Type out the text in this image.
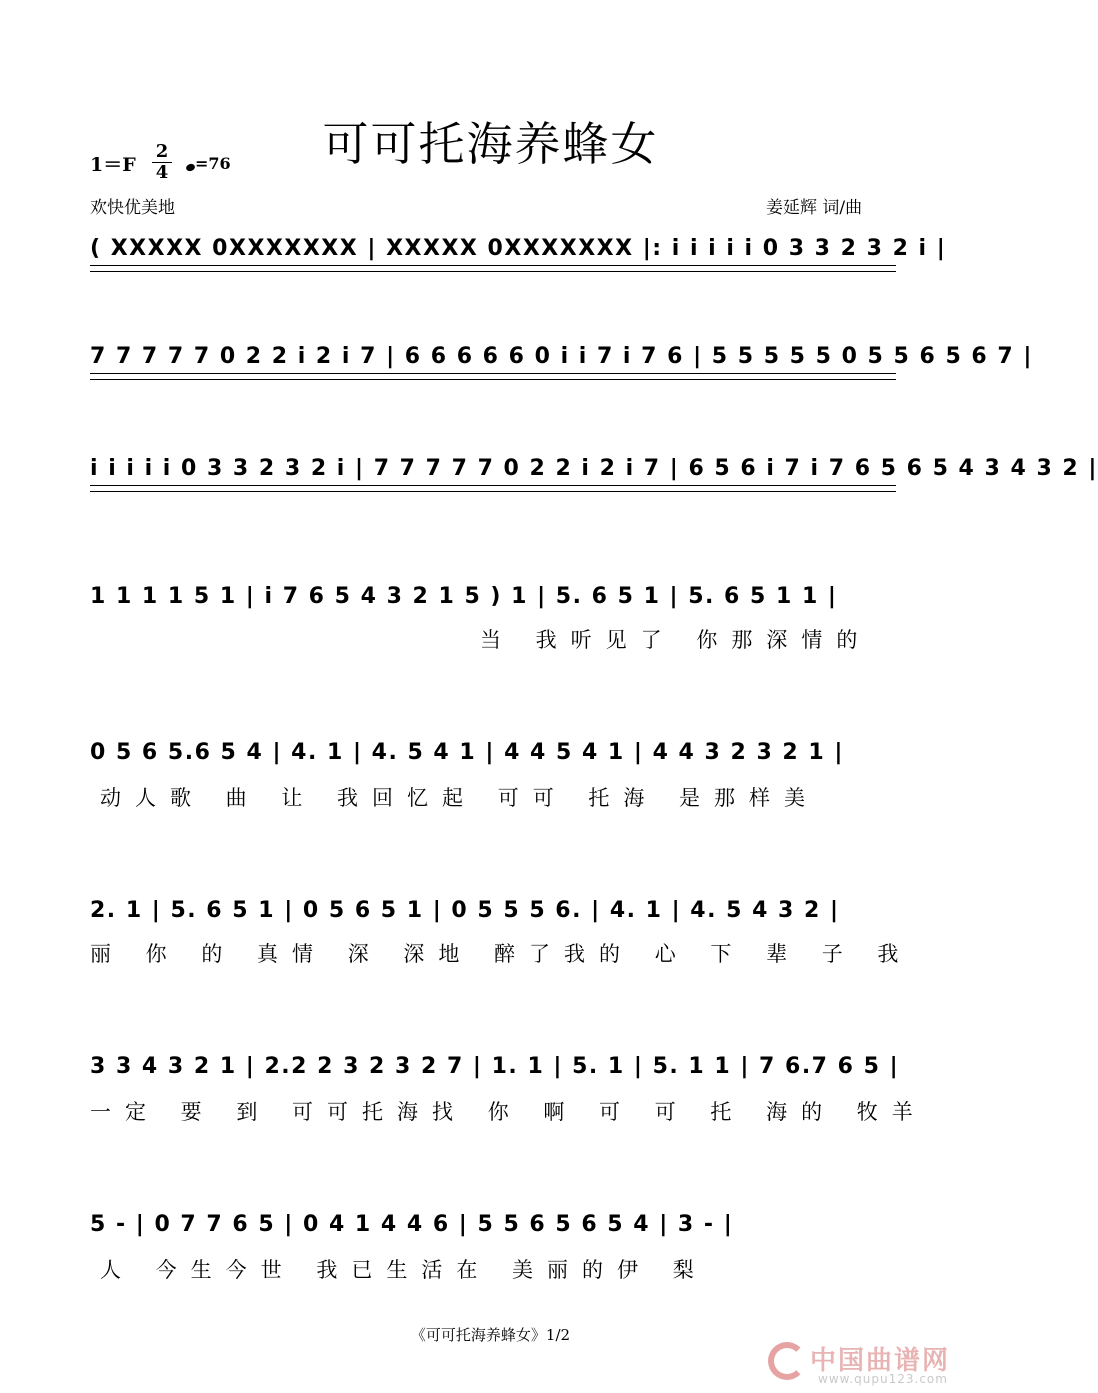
可可托海养蜂女
1＝F
2
4	=76
欢快优美地	姜延辉 词/曲
( XXXXX 0XXXXXXX | XXXXX 0XXXXXXX |: i i i i i 0 3 3 2 3 2 i |
7 7 7 7 7 0 2 2 i 2 i 7 | 6 6 6 6 6 0 i i 7 i 7 6 | 5 5 5 5 5 0 5 5 6 5 6 7 |
i i i i i 0 3 3 2 3 2 i | 7 7 7 7 7 0 2 2 i 2 i 7 | 6 5 6 i 7 i 7 6 5 6 5 4 3 4 3 2 |
1 1 1 1 5 1 | i 7 6 5 4 3 2 1 5 ) 1 | 5. 6 5 1 | 5. 6 5 1 1 |
当 我听见了 你那深情的
0 5 6 5.6 5 4 | 4. 1 | 4. 5 4 1 | 4 4 5 4 1 | 4 4 3 2 3 2 1 |
动人歌 曲 让 我回忆起 可可 托海 是那样美
2. 1 | 5. 6 5 1 | 0 5 6 5 1 | 0 5 5 5 6. | 4. 1 | 4. 5 4 3 2 |
丽 你 的 真情 深 深地 醉了我的 心 下 辈 子 我
3 3 4 3 2 1 | 2.2 2 3 2 3 2 7 | 1. 1 | 5. 1 | 5. 1 1 | 7 6.7 6 5 |
一定 要 到 可可托海找 你 啊 可 可 托 海的 牧羊
5 - | 0 7 7 6 5 | 0 4 1 4 4 6 | 5 5 6 5 6 5 4 | 3 - |
人 今生今世 我已生活在 美丽的伊 梨
《可可托海养蜂女》1/2
中国曲谱网
www.qupu123.com
